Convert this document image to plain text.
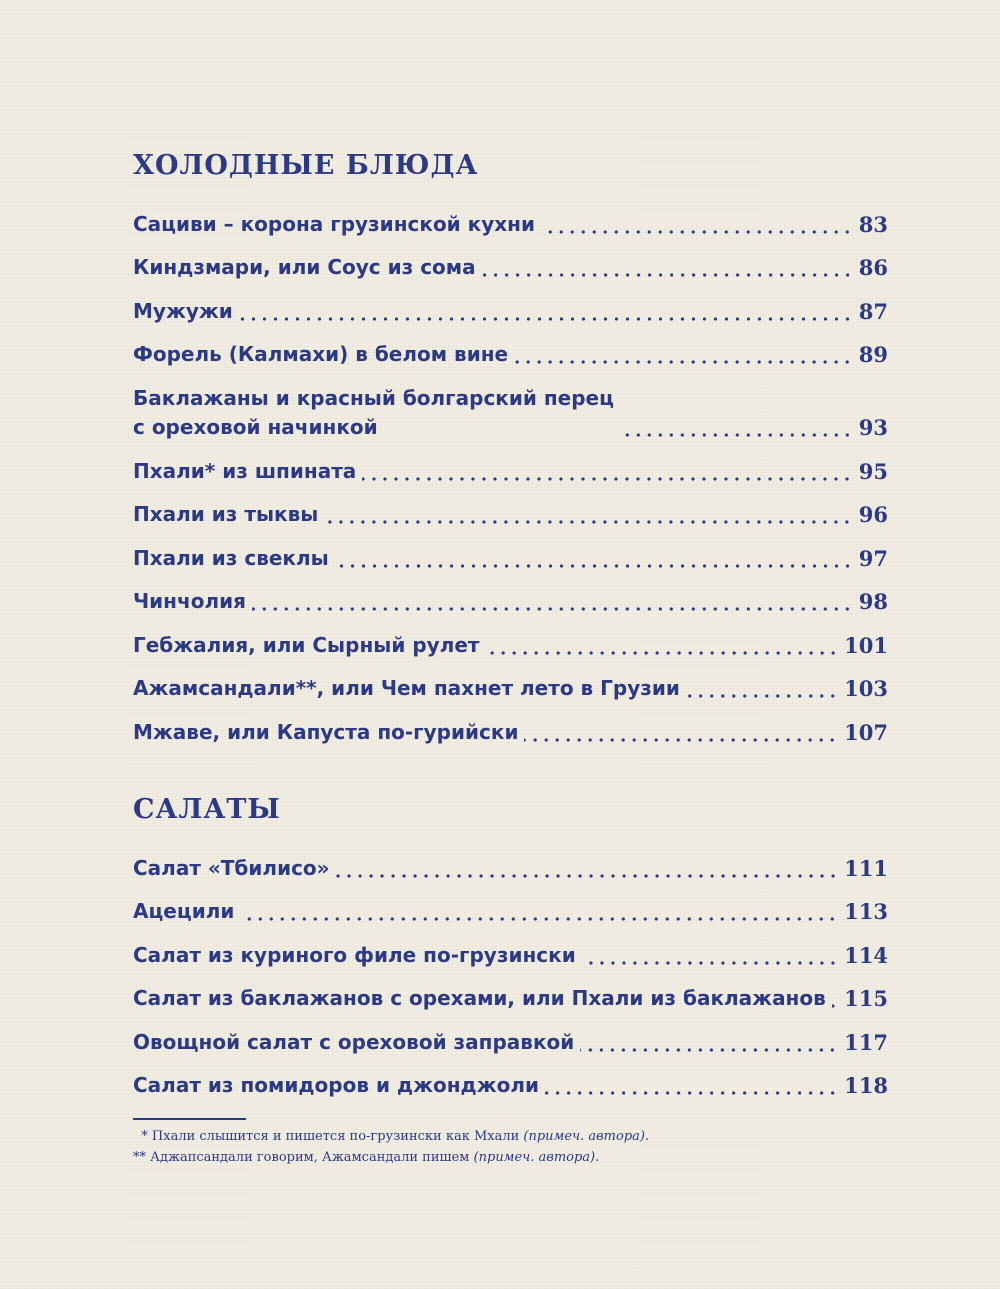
ХОЛОДНЫЕ БЛЮДА
Сациви – корона грузинской кухни	83
Киндзмари, или Соус из сома	86
Мужужи	87
Форель (Калмахи) в белом вине	89
Баклажаны и красный болгарский перец
с ореховой начинкой	93
Пхали* из шпината	95
Пхали из тыквы	96
Пхали из свеклы	97
Чинчолия	98
Гебжалия, или Сырный рулет	101
Ажамсандали**, или Чем пахнет лето в Грузии	103
Мжаве, или Капуста по-гурийски	107
САЛАТЫ
Салат «Тбилисо»	111
Ацецили	113
Салат из куриного филе по-грузински	114
Салат из баклажанов с орехами, или Пхали из баклажанов 115
Овощной салат с ореховой заправкой	117
Салат из помидоров и джонджоли	118
* Пхали слышится и пишется по-грузински как Мхали (примеч. автора).
** Аджапсандали говорим, Ажамсандали пишем (примеч. автора).
